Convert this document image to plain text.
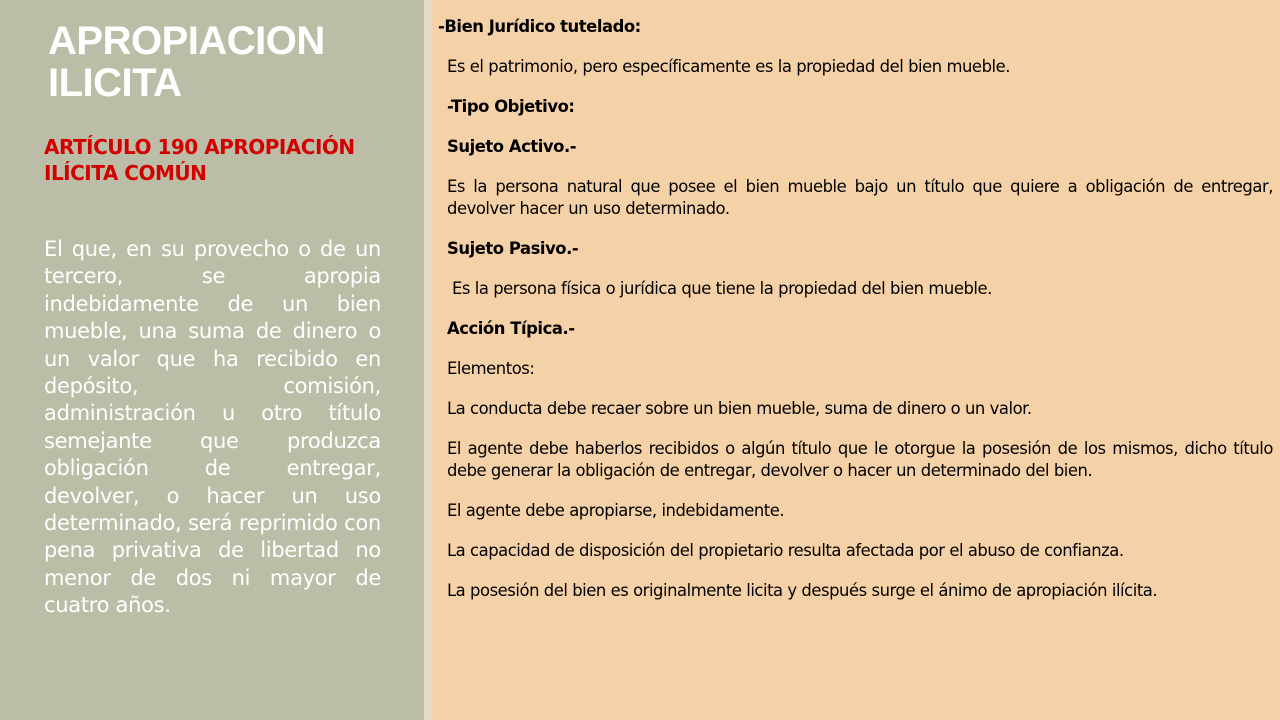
APROPIACION ILICITA
ARTÍCULO 190 APROPIACIÓN ILÍCITA COMÚN

El que, en su provecho o de un tercero, se apropia indebidamente de un bien mueble, una suma de dinero o un valor que ha recibido en depósito, comisión, administración u otro título semejante que produzca obligación de entregar, devolver, o hacer un uso determinado, será reprimido con pena privativa de libertad no menor de dos ni mayor de cuatro años.

-Bien Jurídico tutelado:

Es el patrimonio, pero específicamente es la propiedad del bien mueble.

-Tipo Objetivo:

Sujeto Activo.-

Es la persona natural que posee el bien mueble bajo un título que quiere a obligación de entregar, devolver hacer un uso determinado.

Sujeto Pasivo.-

Es la persona física o jurídica que tiene la propiedad del bien mueble.

Acción Típica.-

Elementos:

La conducta debe recaer sobre un bien mueble, suma de dinero o un valor.

El agente debe haberlos recibidos o algún título que le otorgue la posesión de los mismos, dicho título debe generar la obligación de entregar, devolver o hacer un determinado del bien.

El agente debe apropiarse, indebidamente.

La capacidad de disposición del propietario resulta afectada por el abuso de confianza.

La posesión del bien es originalmente licita y después surge el ánimo de apropiación ilícita.
